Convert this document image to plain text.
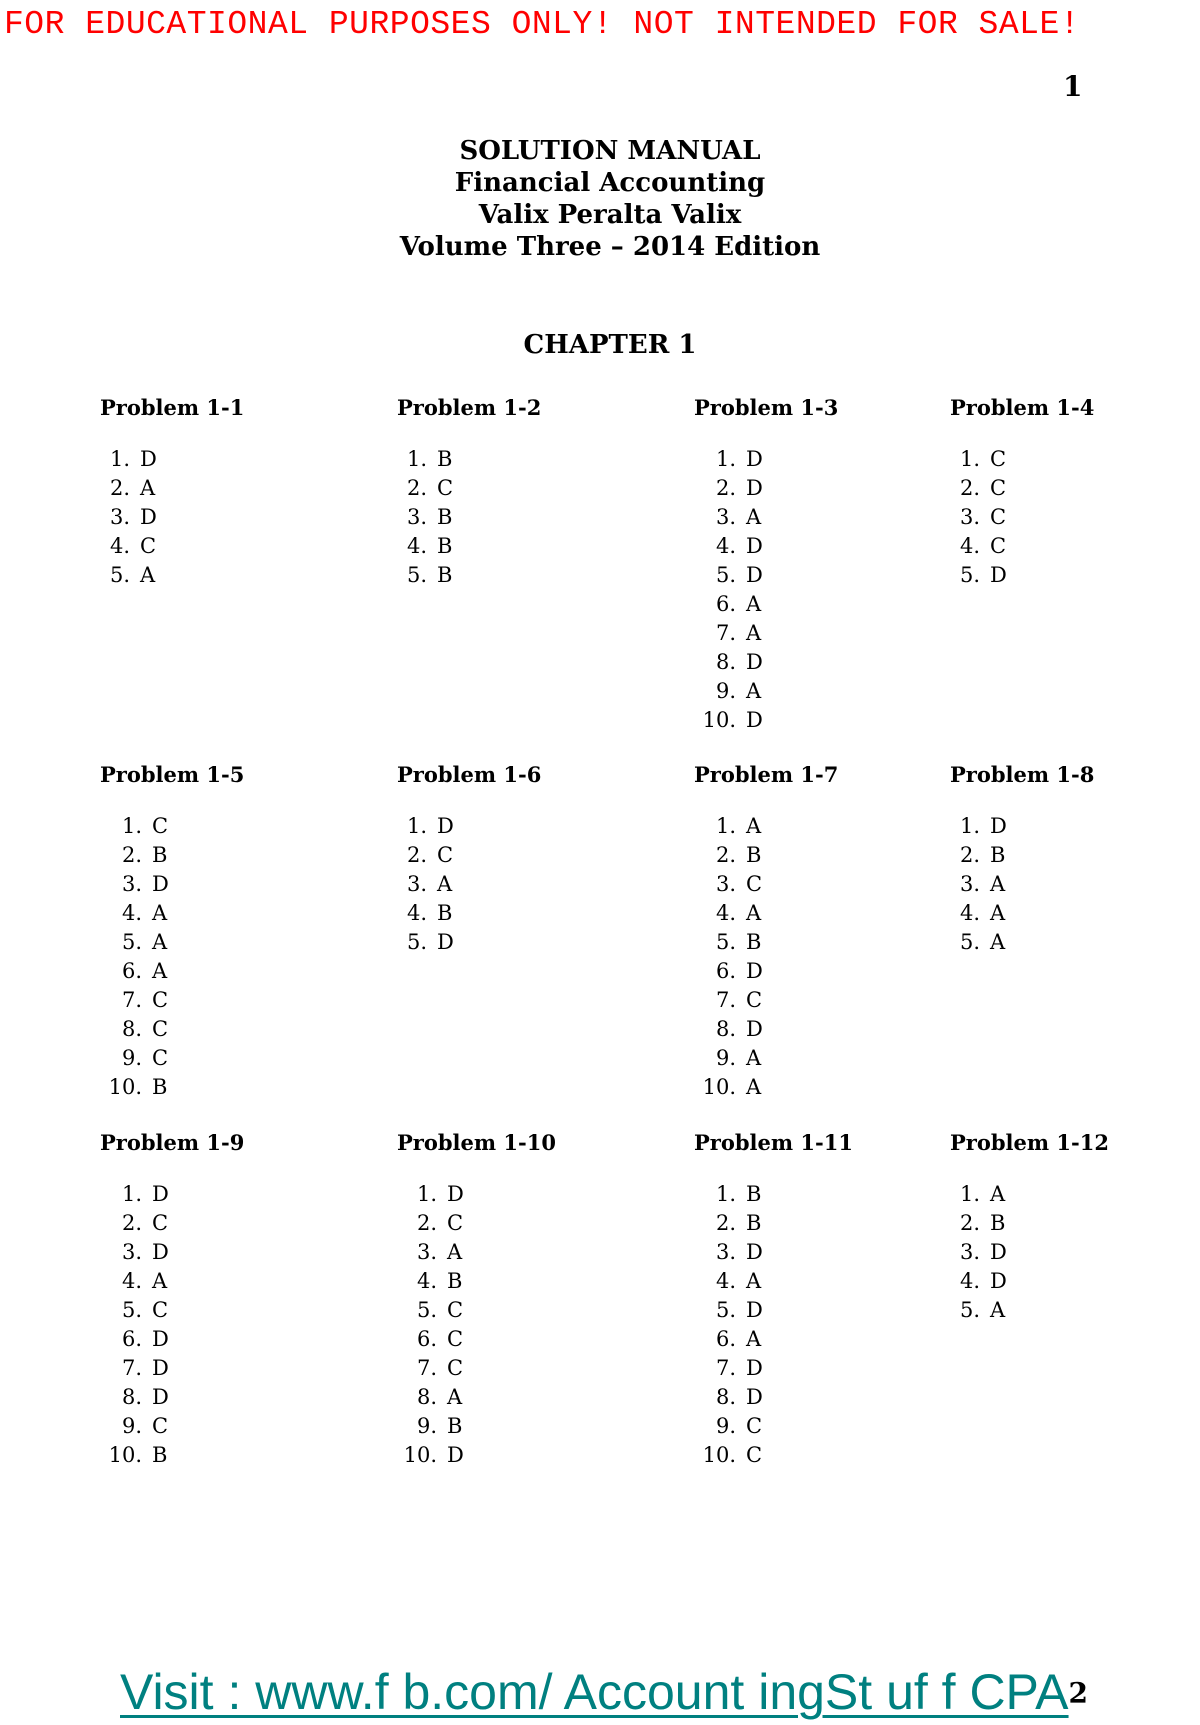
FOR EDUCATIONAL PURPOSES ONLY! NOT INTENDED FOR SALE!
1
SOLUTION MANUAL
Financial Accounting
Valix Peralta Valix
Volume Three – 2014 Edition
CHAPTER 1
Problem 1-1
1. D
2. A
3. D
4. C
5. A
Problem 1-2
1. B
2. C
3. B
4. B
5. B
Problem 1-3
1. D
2. D
3. A
4. D
5. D
6. A
7. A
8. D
9. A
10. D
Problem 1-4
1. C
2. C
3. C
4. C
5. D
Problem 1-5
1. C
2. B
3. D
4. A
5. A
6. A
7. C
8. C
9. C
10. B
Problem 1-6
1. D
2. C
3. A
4. B
5. D
Problem 1-7
1. A
2. B
3. C
4. A
5. B
6. D
7. C
8. D
9. A
10. A
Problem 1-8
1. D
2. B
3. A
4. A
5. A
Problem 1-9
1. D
2. C
3. D
4. A
5. C
6. D
7. D
8. D
9. C
10. B
Problem 1-10
1. D
2. C
3. A
4. B
5. C
6. C
7. C
8. A
9. B
10. D
Problem 1-11
1. B
2. B
3. D
4. A
5. D
6. A
7. D
8. D
9. C
10. C
Problem 1-12
1. A
2. B
3. D
4. D
5. A
Visit : www.f b.com/ Account ingSt uf f CPA2
